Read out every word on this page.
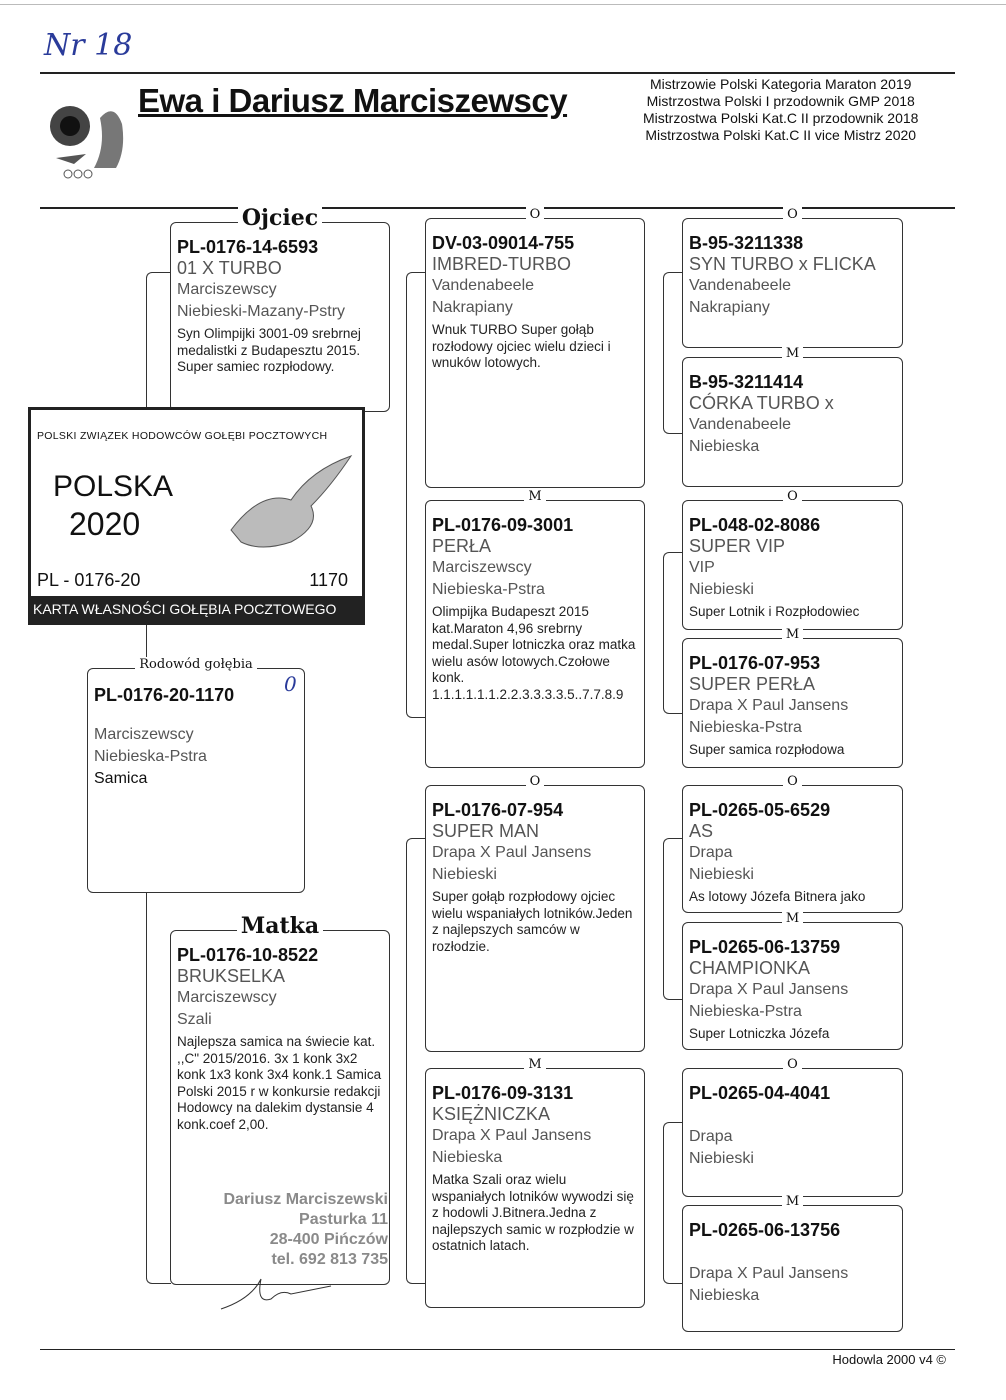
Nr 18
Ewa i Dariusz Marciszewscy	Mistrzowie Polski Kategoria Maraton 2019
Mistrzostwa Polski I przodownik GMP 2018
Mistrzostwa Polski Kat.C II przodownik 2018
Mistrzostwa Polski Kat.C II vice Mistrz 2020
Rodowód gołębia
PL-0176-20-1170
Marciszewscy
Niebieska-Pstra
Samica
Ojciec
PL-0176-14-6593
01 X TURBO
Marciszewscy
Niebieski-Mazany-Pstry
Syn Olimpijki 3001-09 srebrnej medalistki z Budapesztu 2015. Super samiec rozpłodowy.
Matka
PL-0176-10-8522
BRUKSELKA
Marciszewscy
Szali
Najlepsza samica na świecie kat. ,,C" 2015/2016. 3x 1 konk 3x2 konk 1x3 konk 3x4 konk.1 Samica Polski 2015 r w konkursie redakcji Hodowcy na dalekim dystansie 4 konk.coef 2,00.
O
DV-03-09014-755
IMBRED-TURBO
Vandenabeele
Nakrapiany
Wnuk TURBO Super gołąb rozłodowy ojciec wielu dzieci i wnuków lotowych.
M
PL-0176-09-3001
PERŁA
Marciszewscy
Niebieska-Pstra
Olimpijka Budapeszt 2015 kat.Maraton 4,96 srebrny medal.Super lotniczka oraz matka wielu asów lotowych.Czołowe konk. 1.1.1.1.1.1.2.2.3.3.3.3.5..7.7.8.9
O
PL-0176-07-954
SUPER MAN
Drapa X Paul Jansens
Niebieski
Super gołąb rozpłodowy ojciec wielu wspaniałych lotników.Jeden z najlepszych samców w rozłodzie.
M
PL-0176-09-3131
KSIĘŻNICZKA
Drapa X Paul Jansens
Niebieska
Matka Szali oraz wielu wspaniałych lotników wywodzi się z hodowli J.Bitnera.Jedna z najlepszych samic w rozpłodzie w ostatnich latach.
O
B-95-3211338
SYN TURBO x FLICKA
Vandenabeele
Nakrapiany
M
B-95-3211414
CÓRKA TURBO x
Vandenabeele
Niebieska
O
PL-048-02-8086
SUPER VIP
VIP
Niebieski
Super Lotnik i Rozpłodowiec
M
PL-0176-07-953
SUPER PERŁA
Drapa X Paul Jansens
Niebieska-Pstra
Super samica rozpłodowa
O
PL-0265-05-6529
AS
Drapa
Niebieski
As lotowy Józefa Bitnera jako
M
PL-0265-06-13759
CHAMPIONKA
Drapa X Paul Jansens
Niebieska-Pstra
Super Lotniczka Józefa
O
PL-0265-04-4041
Drapa
Niebieski
M
PL-0265-06-13756
Drapa X Paul Jansens
Niebieska
POLSKI ZWIĄZEK HODOWCÓW GOŁĘBI POCZTOWYCH
POLSKA
2020
PL - 0176-20	1170
KARTA WŁASNOŚCI GOŁĘBIA POCZTOWEGO
0
Dariusz Marciszewski
Pasturka 11
28-400 Pińczów
tel. 692 813 735
Hodowla 2000 v4 ©
